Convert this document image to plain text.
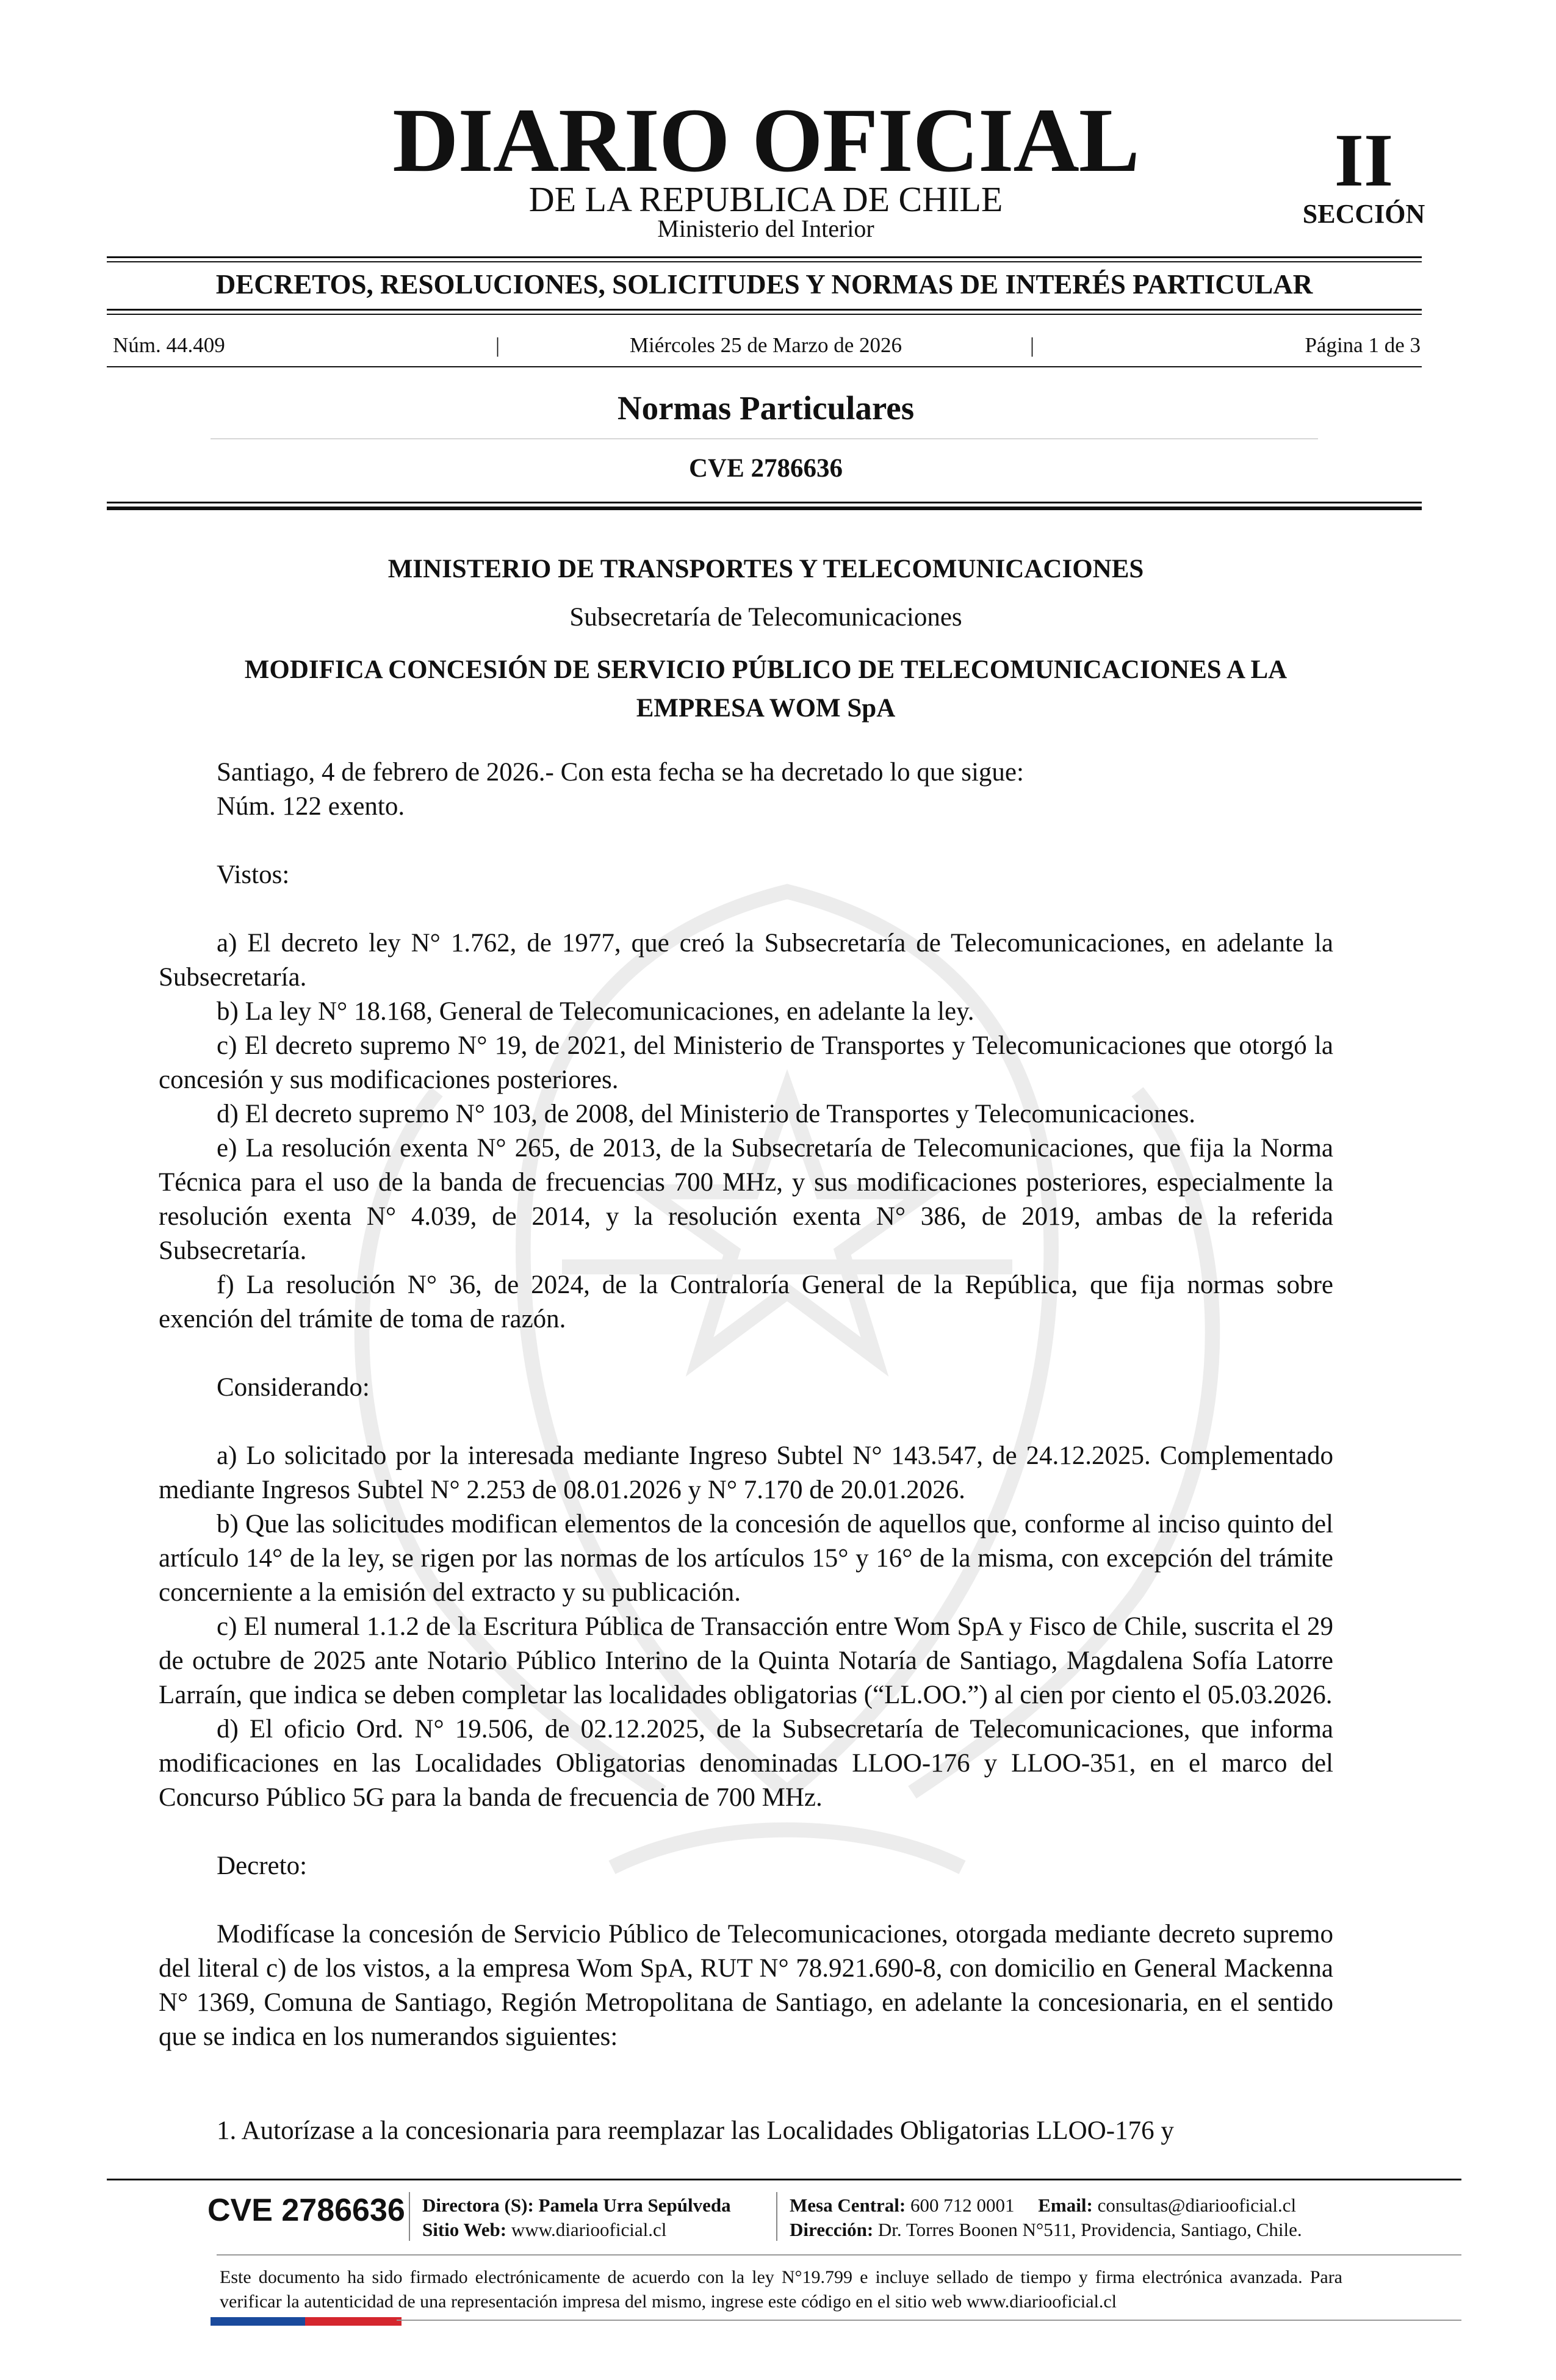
DIARIO OFICIAL
DE LA REPUBLICA DE CHILE
Ministerio del Interior
II
SECCIÓN
DECRETOS, RESOLUCIONES, SOLICITUDES Y NORMAS DE INTERÉS PARTICULAR
Núm. 44.409	|	Miércoles 25 de Marzo de 2026	|	Página 1 de 3
Normas Particulares
CVE 2786636
MINISTERIO DE TRANSPORTES Y TELECOMUNICACIONES
Subsecretaría de Telecomunicaciones
MODIFICA CONCESIÓN DE SERVICIO PÚBLICO DE TELECOMUNICACIONES A LA EMPRESA WOM SpA

Santiago, 4 de febrero de 2026.- Con esta fecha se ha decretado lo que sigue:

Núm. 122 exento.

Vistos:

a) El decreto ley N° 1.762, de 1977, que creó la Subsecretaría de Telecomunicaciones, en adelante la Subsecretaría.

b) La ley N° 18.168, General de Telecomunicaciones, en adelante la ley.

c) El decreto supremo N° 19, de 2021, del Ministerio de Transportes y Telecomunicaciones que otorgó la concesión y sus modificaciones posteriores.

d) El decreto supremo N° 103, de 2008, del Ministerio de Transportes y Telecomunicaciones.

e) La resolución exenta N° 265, de 2013, de la Subsecretaría de Telecomunicaciones, que fija la Norma Técnica para el uso de la banda de frecuencias 700 MHz, y sus modificaciones posteriores, especialmente la resolución exenta N° 4.039, de 2014, y la resolución exenta N° 386, de 2019, ambas de la referida Subsecretaría.

f) La resolución N° 36, de 2024, de la Contraloría General de la República, que fija normas sobre exención del trámite de toma de razón.

Considerando:

a) Lo solicitado por la interesada mediante Ingreso Subtel N° 143.547, de 24.12.2025. Complementado mediante Ingresos Subtel N° 2.253 de 08.01.2026 y N° 7.170 de 20.01.2026.

b) Que las solicitudes modifican elementos de la concesión de aquellos que, conforme al inciso quinto del artículo 14° de la ley, se rigen por las normas de los artículos 15° y 16° de la misma, con excepción del trámite concerniente a la emisión del extracto y su publicación.

c) El numeral 1.1.2 de la Escritura Pública de Transacción entre Wom SpA y Fisco de Chile, suscrita el 29 de octubre de 2025 ante Notario Público Interino de la Quinta Notaría de Santiago, Magdalena Sofía Latorre Larraín, que indica se deben completar las localidades obligatorias (“LL.OO.”) al cien por ciento el 05.03.2026.

d) El oficio Ord. N° 19.506, de 02.12.2025, de la Subsecretaría de Telecomunicaciones, que informa modificaciones en las Localidades Obligatorias denominadas LLOO-176 y LLOO-351, en el marco del Concurso Público 5G para la banda de frecuencia de 700 MHz.

Decreto:

Modifícase la concesión de Servicio Público de Telecomunicaciones, otorgada mediante decreto supremo del literal c) de los vistos, a la empresa Wom SpA, RUT N° 78.921.690-8, con domicilio en General Mackenna N° 1369, Comuna de Santiago, Región Metropolitana de Santiago, en adelante la concesionaria, en el sentido que se indica en los numerandos siguientes:

1. Autorízase a la concesionaria para reemplazar las Localidades Obligatorias LLOO-176 y

CVE 2786636 Directora (S): Pamela Urra Sepúlveda
Sitio Web: www.diariooficial.cl
Mesa Central: 600 712 0001 Email: consultas@diariooficial.cl
Dirección: Dr. Torres Boonen N°511, Providencia, Santiago, Chile.
Este documento ha sido firmado electrónicamente de acuerdo con la ley N°19.799 e incluye sellado de tiempo y firma electrónica avanzada. Para verificar la autenticidad de una representación impresa del mismo, ingrese este código en el sitio web www.diariooficial.cl
